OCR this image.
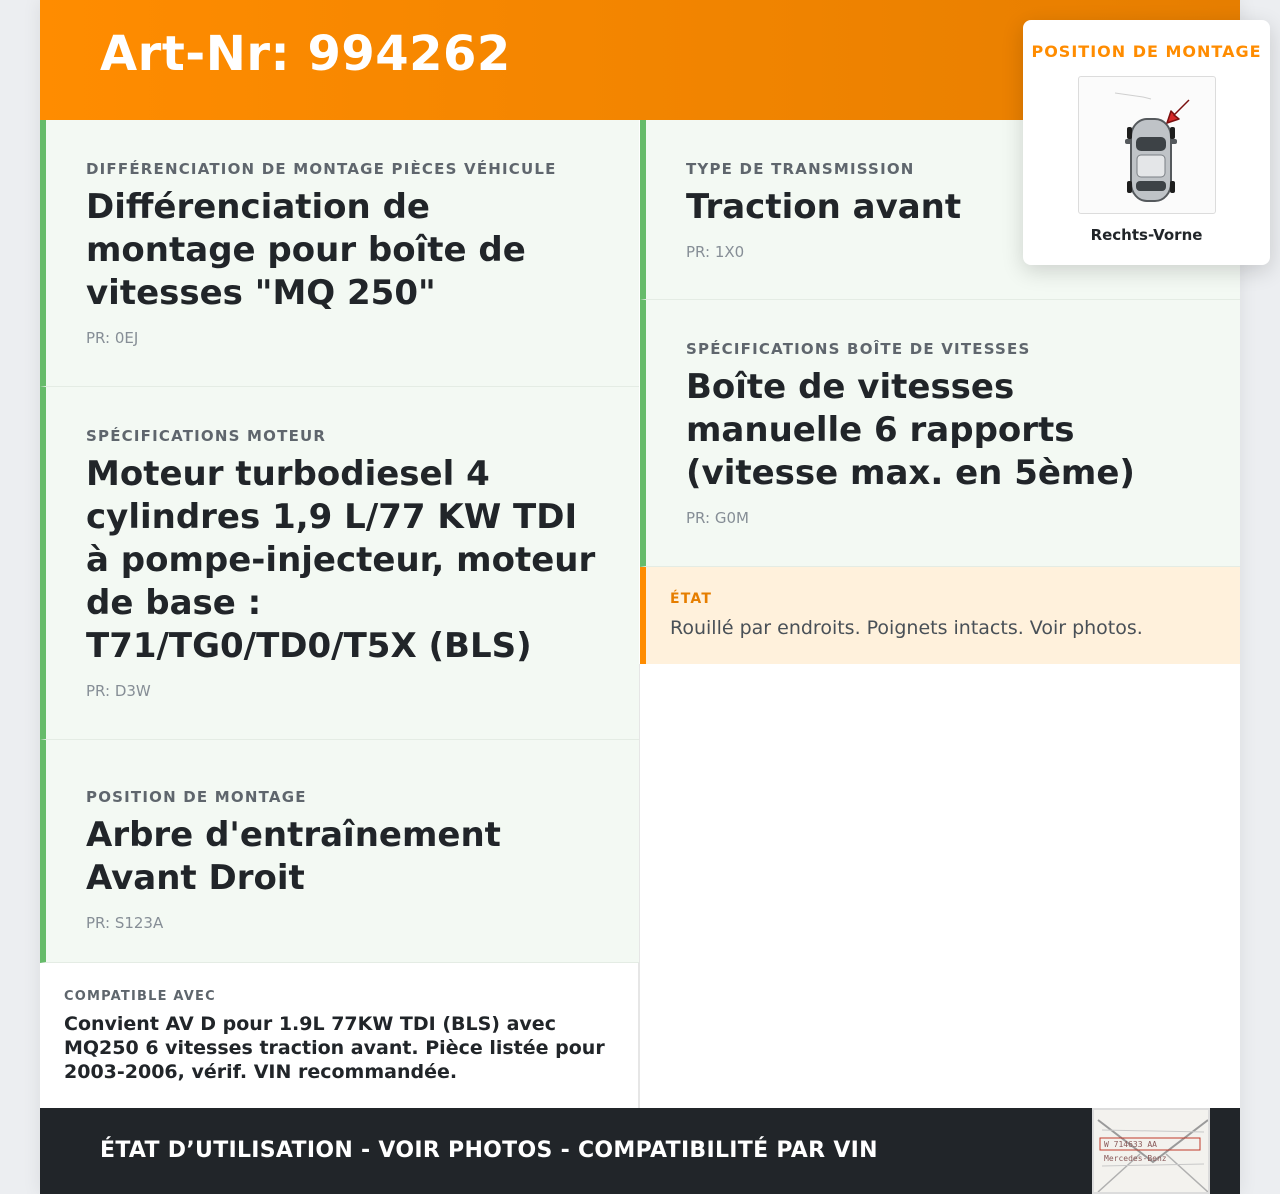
Art-Nr: 994262
DIFFÉRENCIATION DE MONTAGE PIÈCES VÉHICULE
Différenciation de montage pour boîte de vitesses "MQ 250"
PR: 0EJ
SPÉCIFICATIONS MOTEUR
Moteur turbodiesel 4 cylindres 1,9 L/77 KW TDI à pompe-injecteur, moteur de base : T71/TG0/TD0/T5X (BLS)
PR: D3W
POSITION DE MONTAGE
Arbre d'entraînement Avant Droit
PR: S123A
TYPE DE TRANSMISSION
Traction avant
PR: 1X0
SPÉCIFICATIONS BOÎTE DE VITESSES
Boîte de vitesses manuelle 6 rapports (vitesse max. en 5ème)
PR: G0M
ÉTAT
Rouillé par endroits. Poignets intacts. Voir photos.
COMPATIBLE AVEC
Convient AV D pour 1.9L 77KW TDI (BLS) avec MQ250 6 vitesses traction avant. Pièce listée pour 2003-2006, vérif. VIN recommandée.
ÉTAT D’UTILISATION - VOIR PHOTOS - COMPATIBILITÉ PAR VIN	W 714633 AA
Mercedes-Benz
POSITION DE MONTAGE
Rechts-Vorne
